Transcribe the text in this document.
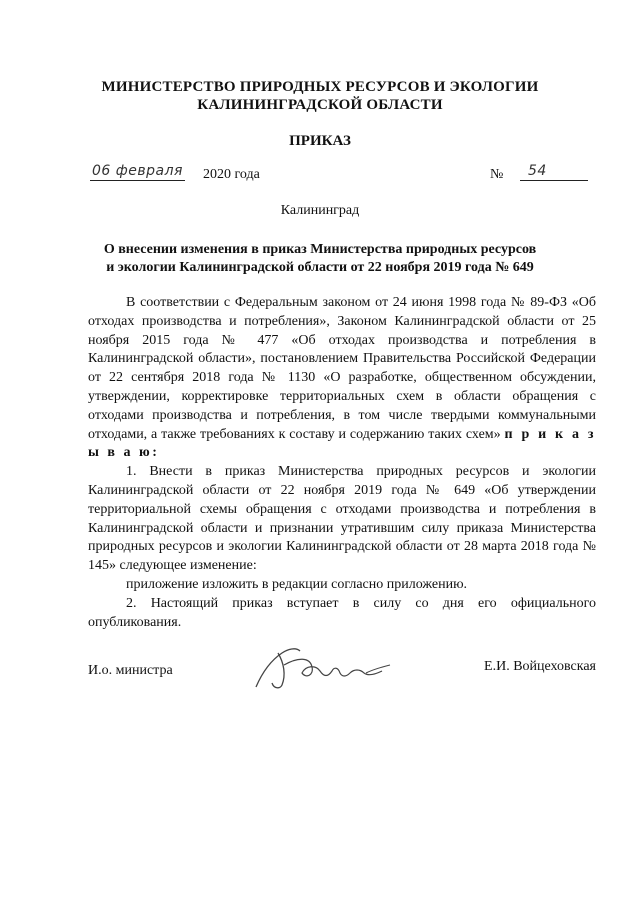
МИНИСТЕРСТВО ПРИРОДНЫХ РЕСУРСОВ И ЭКОЛОГИИ
КАЛИНИНГРАДСКОЙ ОБЛАСТИ
ПРИКАЗ
06 февраля 2020 года	№	54
Калининград
О внесении изменения в приказ Министерства природных ресурсов
и экологии Калининградской области от 22 ноября 2019 года № 649

В соответствии с Федеральным законом от 24 июня 1998 года № 89-ФЗ «Об отходах производства и потребления», Законом Калининградской области от 25 ноября 2015 года № 477 «Об отходах производства и потребления в Калининградской области», постановлением Правительства Российской Федерации от 22 сентября 2018 года № 1130 «О разработке, общественном обсуждении, утверждении, корректировке территориальных схем в области обращения с отходами производства и потребления, в том числе твердыми коммунальными отходами, а также требованиях к составу и содержанию таких схем» п р и к а з ы в а ю:

1. Внести в приказ Министерства природных ресурсов и экологии Калининградской области от 22 ноября 2019 года № 649 «Об утверждении территориальной схемы обращения с отходами производства и потребления в Калининградской области и признании утратившим силу приказа Министерства природных ресурсов и экологии Калининградской области от 28 марта 2018 года № 145» следующее изменение:

приложение изложить в редакции согласно приложению.

2. Настоящий приказ вступает в силу со дня его официального опубликования.

И.о. министра	Е.И. Войцеховская
